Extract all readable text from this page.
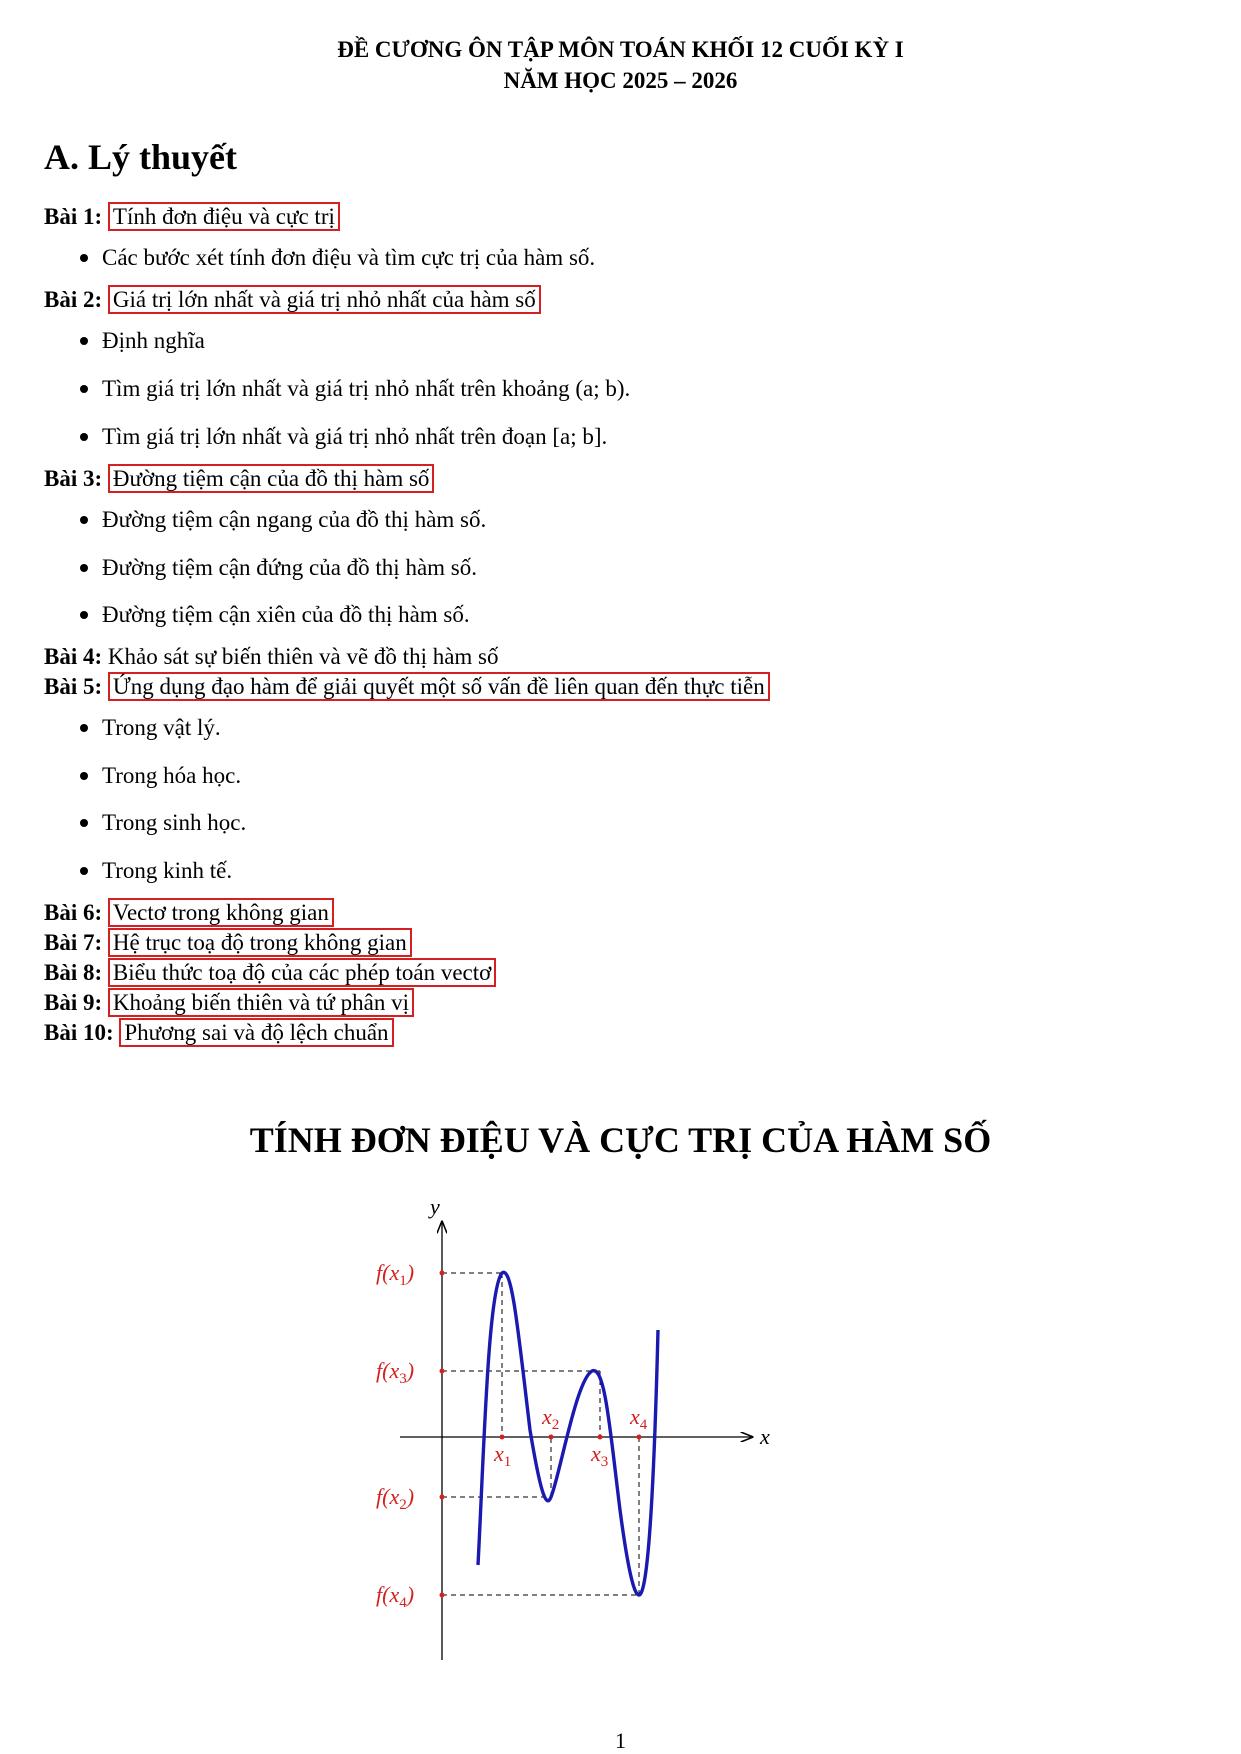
ĐỀ CƯƠNG ÔN TẬP MÔN TOÁN KHỐI 12 CUỐI KỲ I
NĂM HỌC 2025 – 2026
A. Lý thuyết
Bài 1: Tính đơn điệu và cực trị
Các bước xét tính đơn điệu và tìm cực trị của hàm số.
Bài 2: Giá trị lớn nhất và giá trị nhỏ nhất của hàm số
Định nghĩa
Tìm giá trị lớn nhất và giá trị nhỏ nhất trên khoảng (a; b).
Tìm giá trị lớn nhất và giá trị nhỏ nhất trên đoạn [a; b].
Bài 3: Đường tiệm cận của đồ thị hàm số
Đường tiệm cận ngang của đồ thị hàm số.
Đường tiệm cận đứng của đồ thị hàm số.
Đường tiệm cận xiên của đồ thị hàm số.
Bài 4: Khảo sát sự biến thiên và vẽ đồ thị hàm số
Bài 5: Ứng dụng đạo hàm để giải quyết một số vấn đề liên quan đến thực tiễn
Trong vật lý.
Trong hóa học.
Trong sinh học.
Trong kinh tế.
Bài 6: Vectơ trong không gian
Bài 7: Hệ trục toạ độ trong không gian
Bài 8: Biểu thức toạ độ của các phép toán vectơ
Bài 9: Khoảng biến thiên và tứ phân vị
Bài 10: Phương sai và độ lệch chuẩn
TÍNH ĐƠN ĐIỆU VÀ CỰC TRỊ CỦA HÀM SỐ
y
x
$x_1$
$x_2$
$x_3$
$x_4$
$f(x_1)$
$f(x_3)$
$f(x_2)$
$f(x_4)$
1
